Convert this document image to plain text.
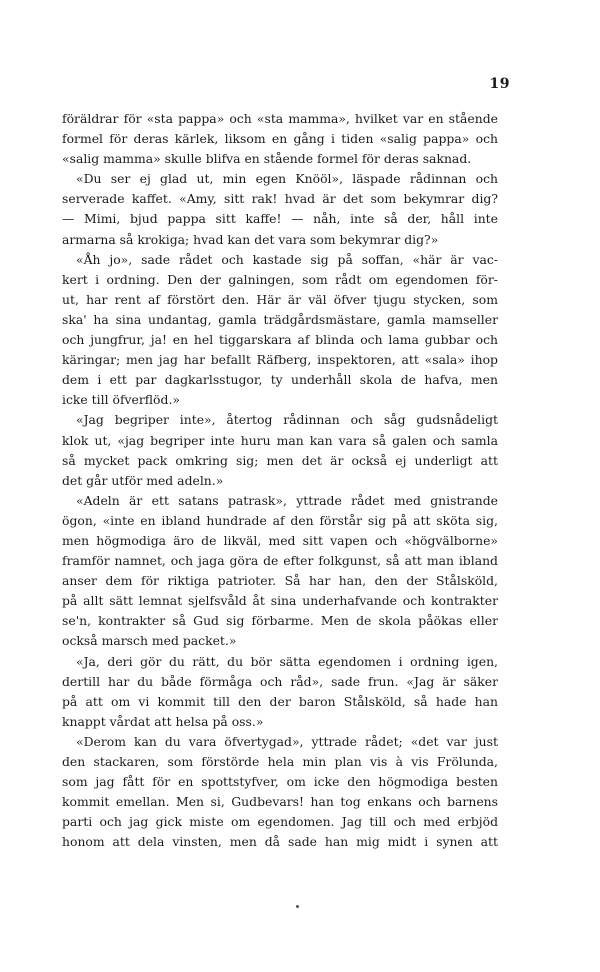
19
föräldrar för «sta pappa» och «sta mamma», hvilket var en stående
formel för deras kärlek, liksom en gång i tiden «salig pappa» och
«salig mamma» skulle blifva en stående formel för deras saknad.
«Du ser ej glad ut, min egen Knööl», läspade rådinnan och
serverade kaffet. «Amy, sitt rak! hvad är det som bekymrar dig?
— Mimi, bjud pappa sitt kaffe! — nåh, inte så der, håll inte
armarna så krokiga; hvad kan det vara som bekymrar dig?»
«Åh jo», sade rådet och kastade sig på soffan, «här är vac-
kert i ordning. Den der galningen, som rådt om egendomen för-
ut, har rent af förstört den. Här är väl öfver tjugu stycken, som
ska' ha sina undantag, gamla trädgårdsmästare, gamla mamseller
och jungfrur, ja! en hel tiggarskara af blinda och lama gubbar och
käringar; men jag har befallt Räfberg, inspektoren, att «sala» ihop
dem i ett par dagkarlsstugor, ty underhåll skola de hafva, men
icke till öfverflöd.»
«Jag begriper inte», återtog rådinnan och såg gudsnådeligt
klok ut, «jag begriper inte huru man kan vara så galen och samla
så mycket pack omkring sig; men det är också ej underligt att
det går utför med adeln.»
«Adeln är ett satans patrask», yttrade rådet med gnistrande
ögon, «inte en ibland hundrade af den förstår sig på att sköta sig,
men högmodiga äro de likväl, med sitt vapen och «högvälborne»
framför namnet, och jaga göra de efter folkgunst, så att man ibland
anser dem för riktiga patrioter. Så har han, den der Stålsköld,
på allt sätt lemnat sjelfsvåld åt sina underhafvande och kontrakter
se'n, kontrakter så Gud sig förbarme. Men de skola påökas eller
också marsch med packet.»
«Ja, deri gör du rätt, du bör sätta egendomen i ordning igen,
dertill har du både förmåga och råd», sade frun. «Jag är säker
på att om vi kommit till den der baron Stålsköld, så hade han
knappt vårdat att helsa på oss.»
«Derom kan du vara öfvertygad», yttrade rådet; «det var just
den stackaren, som förstörde hela min plan vis à vis Frölunda,
som jag fått för en spottstyfver, om icke den högmodiga besten
kommit emellan. Men si, Gudbevars! han tog enkans och barnens
parti och jag gick miste om egendomen. Jag till och med erbjöd
honom att dela vinsten, men då sade han mig midt i synen att
